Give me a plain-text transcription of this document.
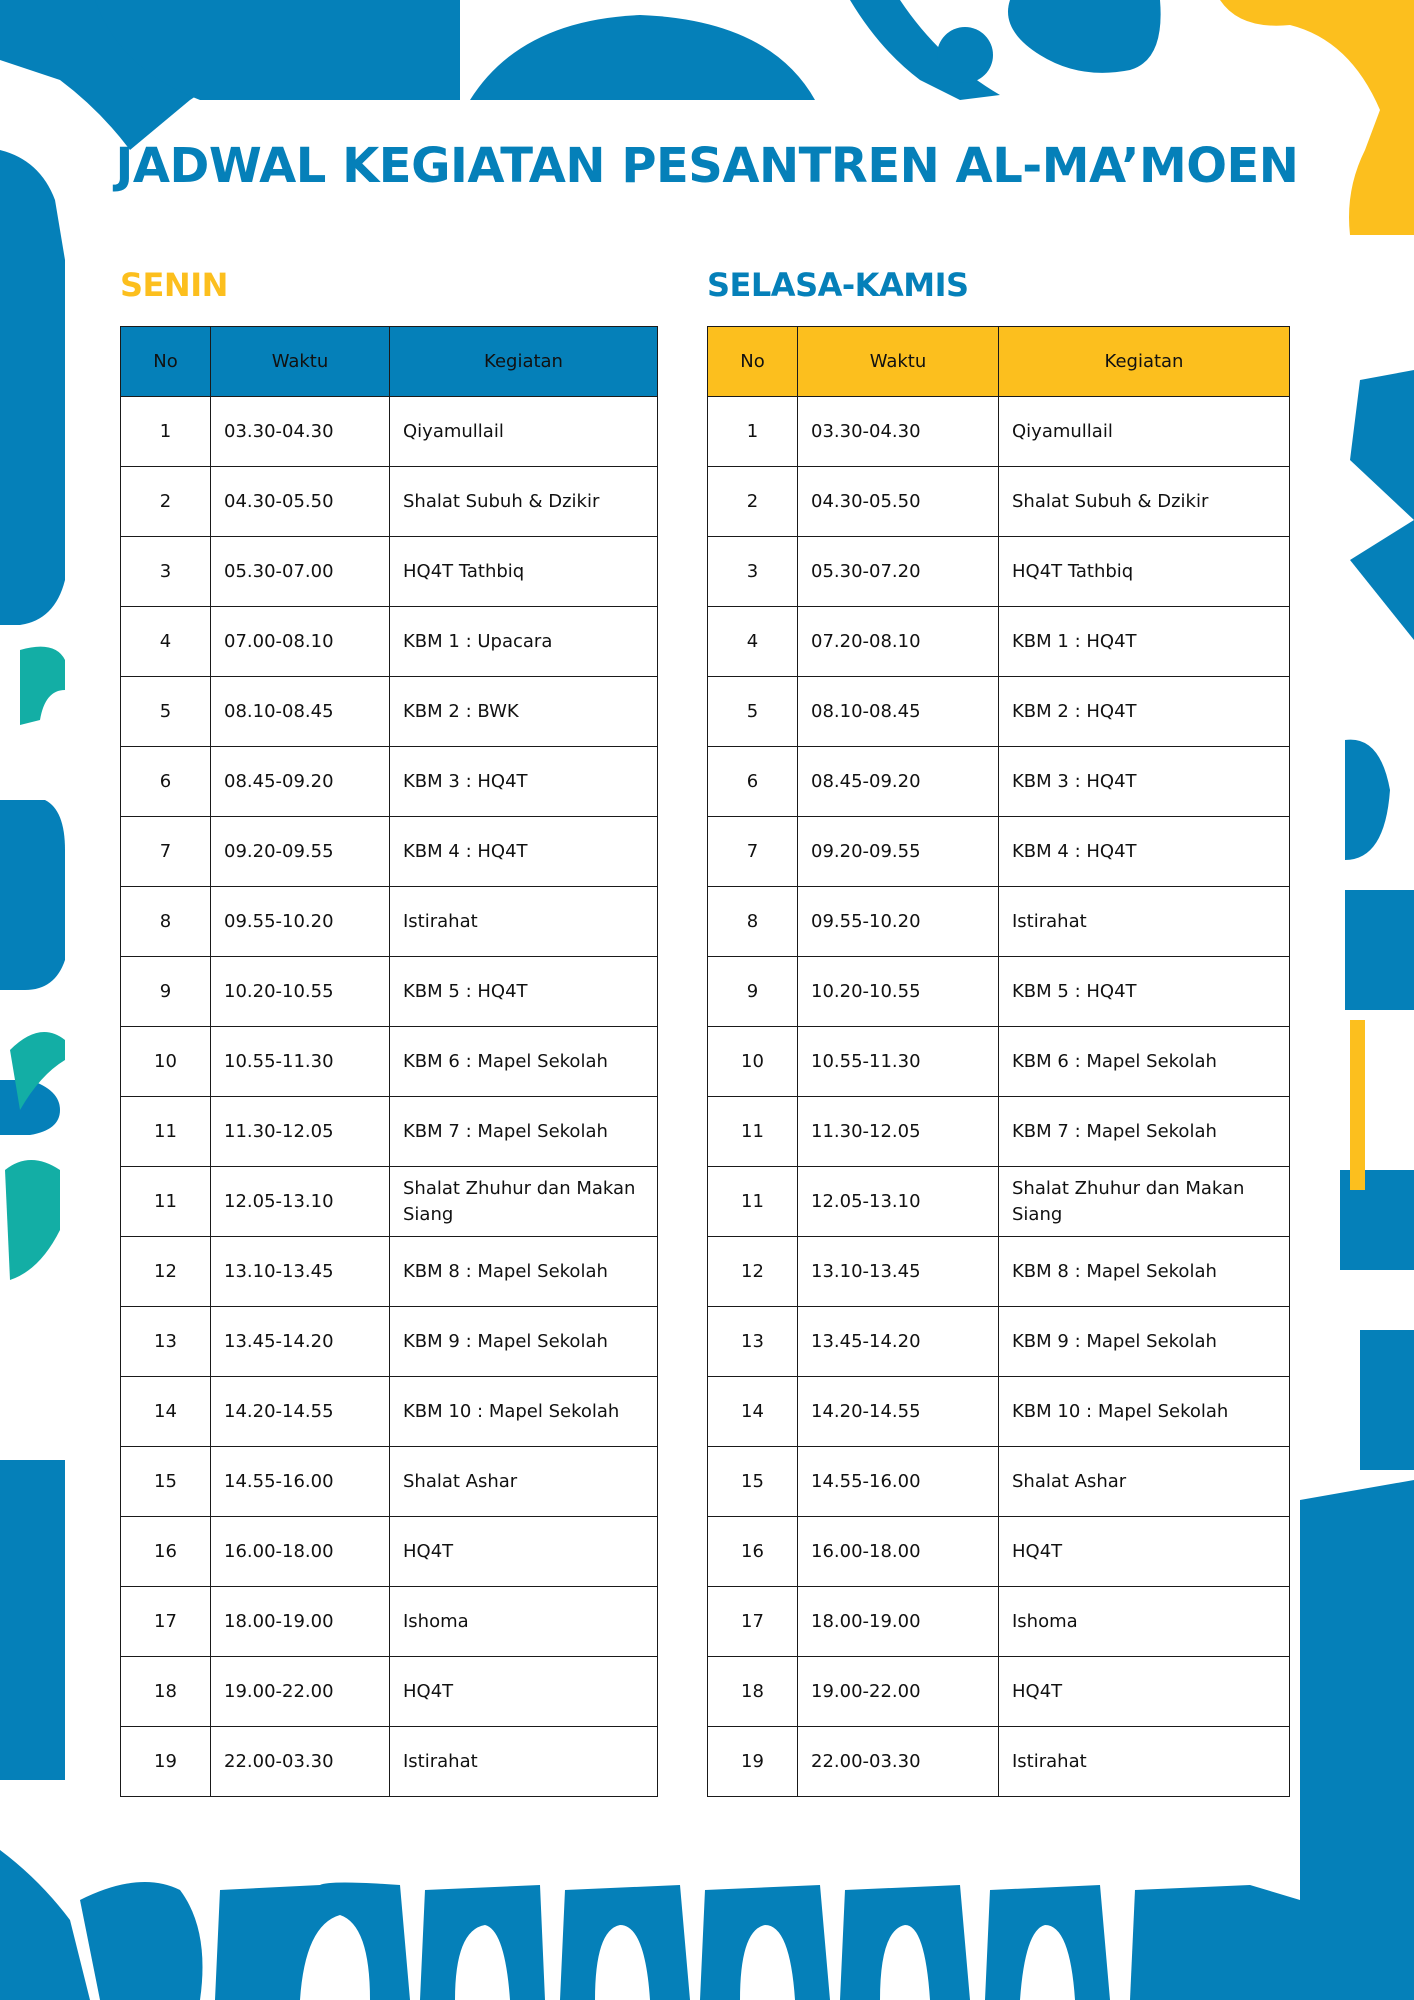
JADWAL KEGIATAN PESANTREN AL-MA’MOEN
SENIN
No	Waktu	Kegiatan
1	03.30-04.30	Qiyamullail
2	04.30-05.50	Shalat Subuh & Dzikir
3	05.30-07.00	HQ4T Tathbiq
4	07.00-08.10	KBM 1 : Upacara
5	08.10-08.45	KBM 2 : BWK
6	08.45-09.20	KBM 3 : HQ4T
7	09.20-09.55	KBM 4 : HQ4T
8	09.55-10.20	Istirahat
9	10.20-10.55	KBM 5 : HQ4T
10	10.55-11.30	KBM 6 : Mapel Sekolah
11	11.30-12.05	KBM 7 : Mapel Sekolah
11	12.05-13.10	Shalat Zhuhur dan Makan Siang
12	13.10-13.45	KBM 8 : Mapel Sekolah
13	13.45-14.20	KBM 9 : Mapel Sekolah
14	14.20-14.55	KBM 10 : Mapel Sekolah
15	14.55-16.00	Shalat Ashar
16	16.00-18.00	HQ4T
17	18.00-19.00	Ishoma
18	19.00-22.00	HQ4T
19	22.00-03.30	Istirahat
SELASA-KAMIS
No	Waktu	Kegiatan
1	03.30-04.30	Qiyamullail
2	04.30-05.50	Shalat Subuh & Dzikir
3	05.30-07.20	HQ4T Tathbiq
4	07.20-08.10	KBM 1 : HQ4T
5	08.10-08.45	KBM 2 : HQ4T
6	08.45-09.20	KBM 3 : HQ4T
7	09.20-09.55	KBM 4 : HQ4T
8	09.55-10.20	Istirahat
9	10.20-10.55	KBM 5 : HQ4T
10	10.55-11.30	KBM 6 : Mapel Sekolah
11	11.30-12.05	KBM 7 : Mapel Sekolah
11	12.05-13.10	Shalat Zhuhur dan Makan Siang
12	13.10-13.45	KBM 8 : Mapel Sekolah
13	13.45-14.20	KBM 9 : Mapel Sekolah
14	14.20-14.55	KBM 10 : Mapel Sekolah
15	14.55-16.00	Shalat Ashar
16	16.00-18.00	HQ4T
17	18.00-19.00	Ishoma
18	19.00-22.00	HQ4T
19	22.00-03.30	Istirahat
